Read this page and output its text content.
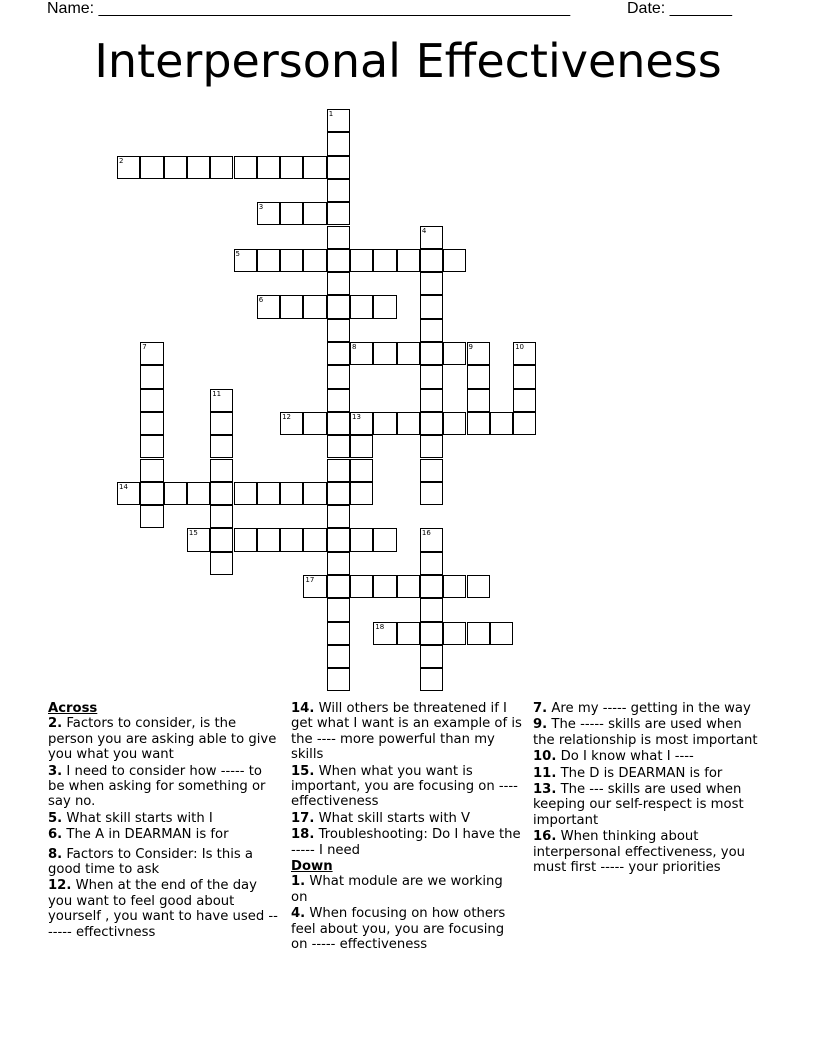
Name: _____________________________________________________	Date: _______
Interpersonal Effectiveness
1
2
3
4
5
6
7	8	9	10
11
12	13
14
15	16
17
18
Across
2. Factors to consider, is the person you are asking able to give you what you want
3. I need to consider how ----- to be when asking for something or say no.
5. What skill starts with I
6. The A in DEARMAN is for
8. Factors to Consider: Is this a good time to ask
12. When at the end of the day you want to feel good about yourself , you want to have used ------- effectivness
14. Will others be threatened if I get what I want is an example of is the ---- more powerful than my skills
15. When what you want is important, you are focusing on ---- effectiveness
17. What skill starts with V
18. Troubleshooting: Do I have the ----- I need
Down
1. What module are we working on
4. When focusing on how others feel about you, you are focusing on ----- effectiveness
7. Are my ----- getting in the way
9. The ----- skills are used when the relationship is most important
10. Do I know what I ----
11. The D is DEARMAN is for
13. The --- skills are used when keeping our self-respect is most important
16. When thinking about interpersonal effectiveness, you must first ----- your priorities
